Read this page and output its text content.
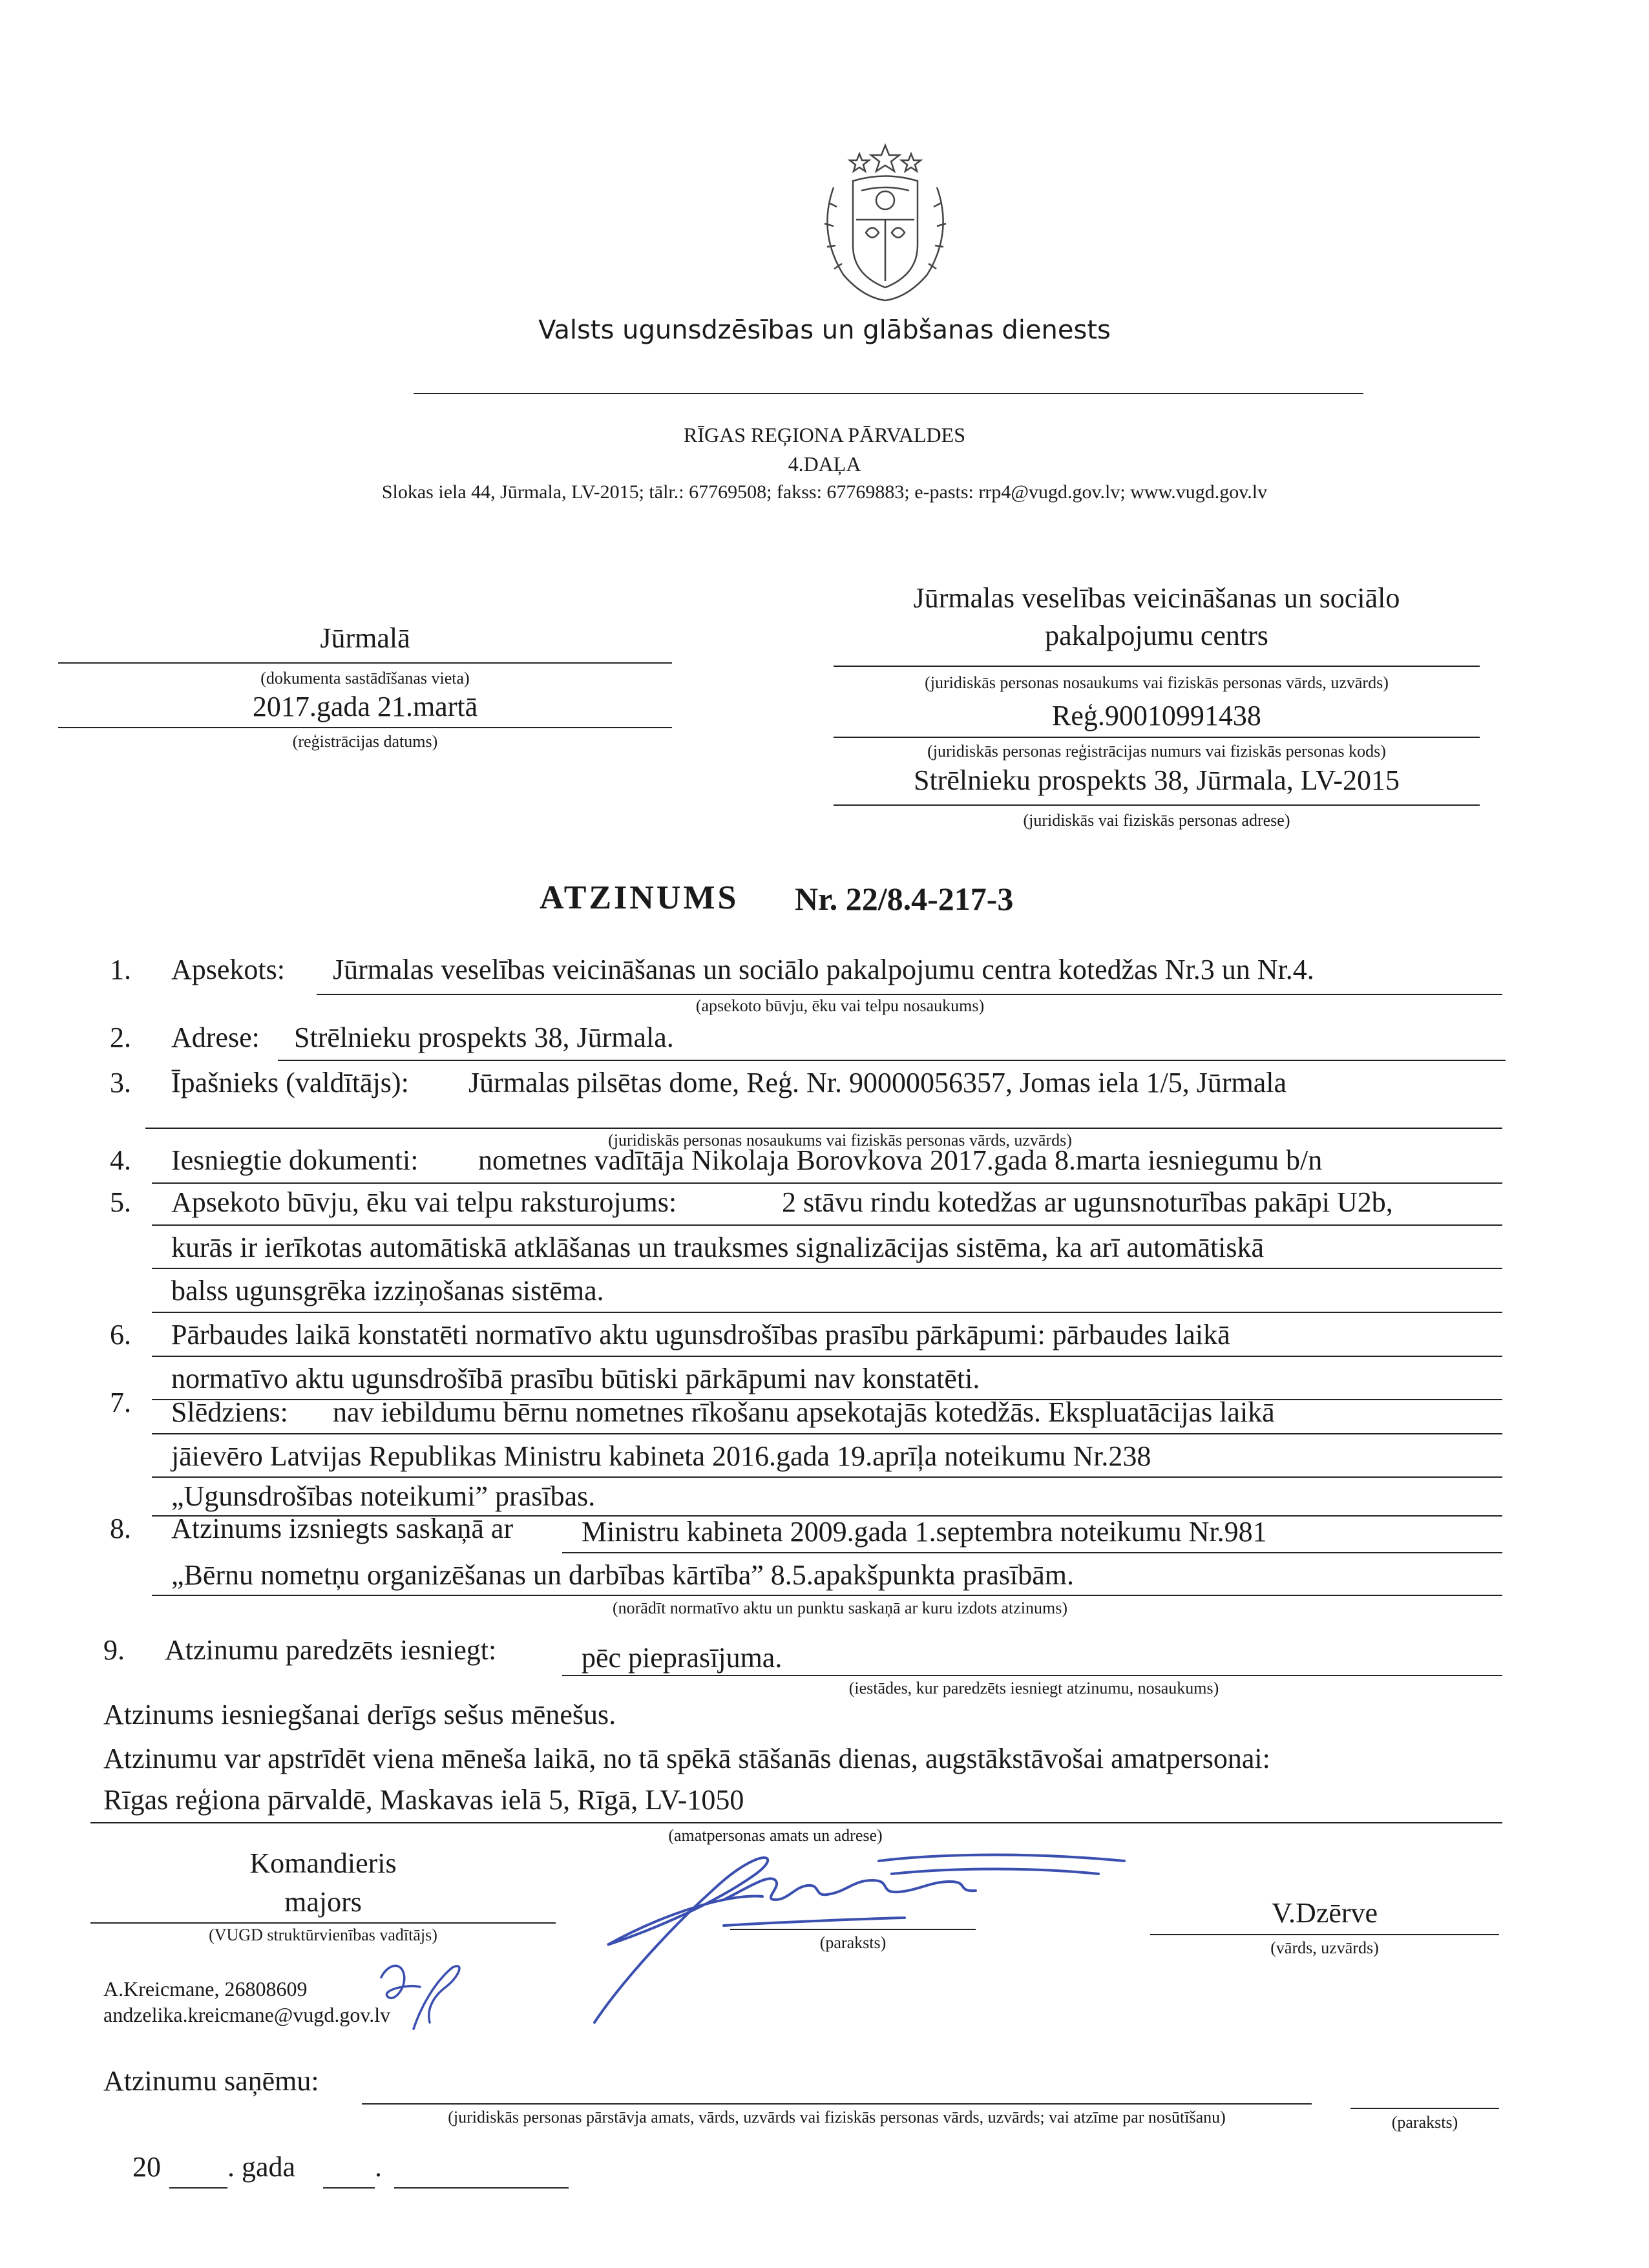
Valsts ugunsdzēsības un glābšanas dienests
RĪGAS REĢIONA PĀRVALDES
4.DAĻA
Slokas iela 44, Jūrmala, LV-2015; tālr.: 67769508; fakss: 67769883; e-pasts: rrp4@vugd.gov.lv; www.vugd.gov.lv
Jūrmalā
(dokumenta sastādīšanas vieta)
2017.gada 21.martā
(reģistrācijas datums)
Jūrmalas veselības veicināšanas un sociālo
pakalpojumu centrs
(juridiskās personas nosaukums vai fiziskās personas vārds, uzvārds)
Reģ.90010991438
(juridiskās personas reģistrācijas numurs vai fiziskās personas kods)
Strēlnieku prospekts 38, Jūrmala, LV-2015
(juridiskās vai fiziskās personas adrese)
ATZINUMS Nr. 22/8.4-217-3
1. Apsekots: Jūrmalas veselības veicināšanas un sociālo pakalpojumu centra kotedžas Nr.3 un Nr.4.
(apsekoto būvju, ēku vai telpu nosaukums)
2. Adrese: Strēlnieku prospekts 38, Jūrmala.
3. Īpašnieks (valdītājs): Jūrmalas pilsētas dome, Reģ. Nr. 90000056357, Jomas iela 1/5, Jūrmala
(juridiskās personas nosaukums vai fiziskās personas vārds, uzvārds)
4. Iesniegtie dokumenti: nometnes vadītāja Nikolaja Borovkova 2017.gada 8.marta iesniegumu b/n
5. Apsekoto būvju, ēku vai telpu raksturojums:	2 stāvu rindu kotedžas ar ugunsnoturības pakāpi U2b,
kurās ir ierīkotas automātiskā atklāšanas un trauksmes signalizācijas sistēma, ka arī automātiskā
balss ugunsgrēka izziņošanas sistēma.
6. Pārbaudes laikā konstatēti normatīvo aktu ugunsdrošības prasību pārkāpumi: pārbaudes laikā
normatīvo aktu ugunsdrošībā prasību būtiski pārkāpumi nav konstatēti.
7. Slēdziens: nav iebildumu bērnu nometnes rīkošanu apsekotajās kotedžās. Ekspluatācijas laikā
jāievēro Latvijas Republikas Ministru kabineta 2016.gada 19.aprīļa noteikumu Nr.238
„Ugunsdrošības noteikumi” prasības.
8. Atzinums izsniegts saskaņā ar Ministru kabineta 2009.gada 1.septembra noteikumu Nr.981
„Bērnu nometņu organizēšanas un darbības kārtība” 8.5.apakšpunkta prasībām.
(norādīt normatīvo aktu un punktu saskaņā ar kuru izdots atzinums)
9. Atzinumu paredzēts iesniegt:	pēc pieprasījuma.
(iestādes, kur paredzēts iesniegt atzinumu, nosaukums)
Atzinums iesniegšanai derīgs sešus mēnešus.
Atzinumu var apstrīdēt viena mēneša laikā, no tā spēkā stāšanās dienas, augstākstāvošai amatpersonai:
Rīgas reģiona pārvaldē, Maskavas ielā 5, Rīgā, LV-1050
(amatpersonas amats un adrese)
Komandieris
majors
(VUGD struktūrvienības vadītājs)	(paraksts)
V.Dzērve
(vārds, uzvārds)
A.Kreicmane, 26808609
andzelika.kreicmane@vugd.gov.lv
Atzinumu saņēmu:
(juridiskās personas pārstāvja amats, vārds, uzvārds vai fiziskās personas vārds, uzvārds; vai atzīme par nosūtīšanu)	(paraksts)
20 . gada	.
